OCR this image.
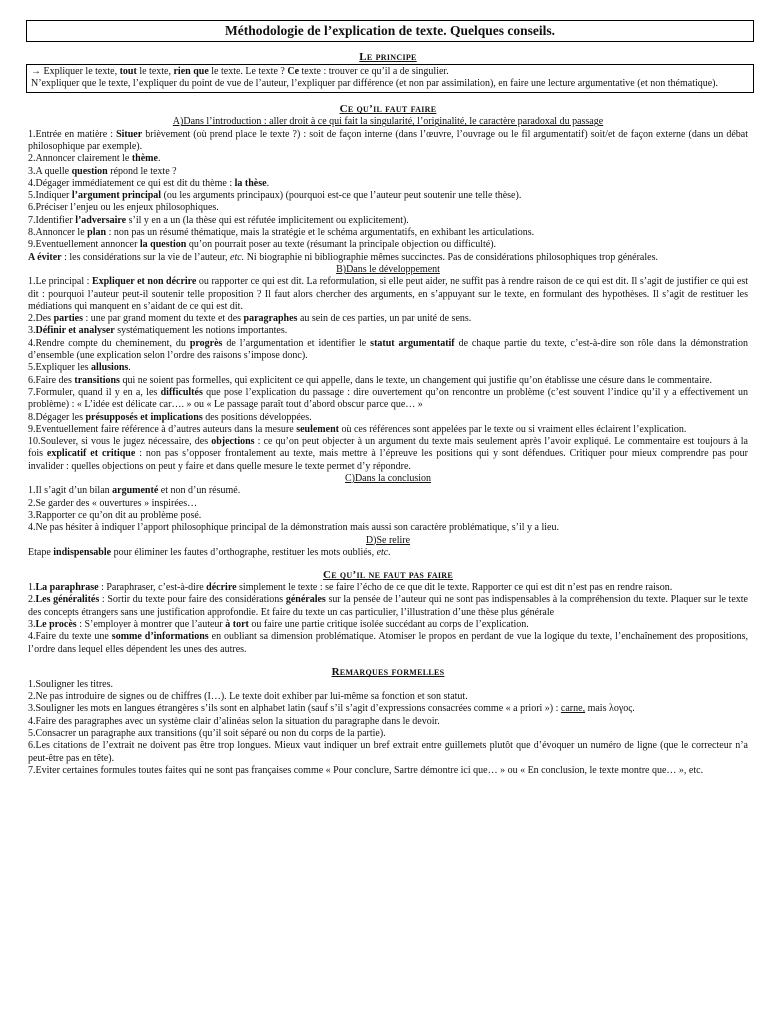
Méthodologie de l’explication de texte. Quelques conseils.
Le principe
→ Expliquer le texte, tout le texte, rien que le texte. Le texte ? Ce texte : trouver ce qu’il a de singulier.
N’expliquer que le texte, l’expliquer du point de vue de l’auteur, l’expliquer par différence (et non par assimilation), en faire une lecture argumentative (et non thématique).
Ce qu’il faut faire
A)Dans l’introduction : aller droit à ce qui fait la singularité, l’originalité, le caractère paradoxal du passage

1.Entrée en matière : Situer brièvement (où prend place le texte ?) : soit de façon interne (dans l’œuvre, l’ouvrage ou le fil argumentatif) soit/et de façon externe (dans un débat philosophique par exemple).

2.Annoncer clairement le thème.

3.A quelle question répond le texte ?

4.Dégager immédiatement ce qui est dit du thème : la thèse.

5.Indiquer l’argument principal (ou les arguments principaux) (pourquoi est-ce que l’auteur peut soutenir une telle thèse).

6.Préciser l’enjeu ou les enjeux philosophiques.

7.Identifier l’adversaire s’il y en a un (la thèse qui est réfutée implicitement ou explicitement).

8.Annoncer le plan : non pas un résumé thématique, mais la stratégie et le schéma argumentatifs, en exhibant les articulations.

9.Eventuellement annoncer la question qu’on pourrait poser au texte (résumant la principale objection ou difficulté).

A éviter : les considérations sur la vie de l’auteur, etc. Ni biographie ni bibliographie mêmes succinctes. Pas de considérations philosophiques trop générales.

B)Dans le développement

1.Le principal : Expliquer et non décrire ou rapporter ce qui est dit. La reformulation, si elle peut aider, ne suffit pas à rendre raison de ce qui est dit. Il s’agit de justifier ce qui est dit : pourquoi l’auteur peut-il soutenir telle proposition ? Il faut alors chercher des arguments, en s’appuyant sur le texte, en formulant des hypothèses. Il s’agit de restituer les médiations qui manquent en s’aidant de ce qui est dit.

2.Des parties : une par grand moment du texte et des paragraphes au sein de ces parties, un par unité de sens.

3.Définir et analyser systématiquement les notions importantes.

4.Rendre compte du cheminement, du progrès de l’argumentation et identifier le statut argumentatif de chaque partie du texte, c’est-à-dire son rôle dans la démonstration d’ensemble (une explication selon l’ordre des raisons s’impose donc).

5.Expliquer les allusions.

6.Faire des transitions qui ne soient pas formelles, qui explicitent ce qui appelle, dans le texte, un changement qui justifie qu’on établisse une césure dans le commentaire.

7.Formuler, quand il y en a, les difficultés que pose l’explication du passage : dire ouvertement qu’on rencontre un problème (c’est souvent l’indice qu’il y a effectivement un problème) : « L’idée est délicate car…. » ou « Le passage paraît tout d’abord obscur parce que… »

8.Dégager les présupposés et implications des positions développées.

9.Eventuellement faire référence à d’autres auteurs dans la mesure seulement où ces références sont appelées par le texte ou si vraiment elles éclairent l’explication.

10.Soulever, si vous le jugez nécessaire, des objections : ce qu’on peut objecter à un argument du texte mais seulement après l’avoir expliqué. Le commentaire est toujours à la fois explicatif et critique : non pas s’opposer frontalement au texte, mais mettre à l’épreuve les positions qui y sont défendues. Critiquer pour mieux comprendre pas pour invalider : quelles objections on peut y faire et dans quelle mesure le texte permet d’y répondre.

C)Dans la conclusion

1.Il s’agit d’un bilan argumenté et non d’un résumé.

2.Se garder des « ouvertures » inspirées…

3.Rapporter ce qu’on dit au problème posé.

4.Ne pas hésiter à indiquer l’apport philosophique principal de la démonstration mais aussi son caractère problématique, s’il y a lieu.

D)Se relire

Etape indispensable pour éliminer les fautes d’orthographe, restituer les mots oubliés, etc.

Ce qu’il ne faut pas faire

1.La paraphrase : Paraphraser, c’est-à-dire décrire simplement le texte : se faire l’écho de ce que dit le texte. Rapporter ce qui est dit n’est pas en rendre raison.

2.Les généralités : Sortir du texte pour faire des considérations générales sur la pensée de l’auteur qui ne sont pas indispensables à la compréhension du texte. Plaquer sur le texte des concepts étrangers sans une justification approfondie. Et faire du texte un cas particulier, l’illustration d’une thèse plus générale

3.Le procès : S’employer à montrer que l’auteur à tort ou faire une partie critique isolée succédant au corps de l’explication.

4.Faire du texte une somme d’informations en oubliant sa dimension problématique. Atomiser le propos en perdant de vue la logique du texte, l’enchaînement des propositions, l’ordre dans lequel elles dépendent les unes des autres.

Remarques formelles

1.Souligner les titres.

2.Ne pas introduire de signes ou de chiffres (I…). Le texte doit exhiber par lui-même sa fonction et son statut.

3.Souligner les mots en langues étrangères s’ils sont en alphabet latin (sauf s’il s’agit d’expressions consacrées comme « a priori ») : carne, mais λογος.

4.Faire des paragraphes avec un système clair d’alinéas selon la situation du paragraphe dans le devoir.

5.Consacrer un paragraphe aux transitions (qu’il soit séparé ou non du corps de la partie).

6.Les citations de l’extrait ne doivent pas être trop longues. Mieux vaut indiquer un bref extrait entre guillemets plutôt que d’évoquer un numéro de ligne (que le correcteur n’a peut-être pas en tête).

7.Eviter certaines formules toutes faites qui ne sont pas françaises comme « Pour conclure, Sartre démontre ici que… » ou « En conclusion, le texte montre que… », etc.
